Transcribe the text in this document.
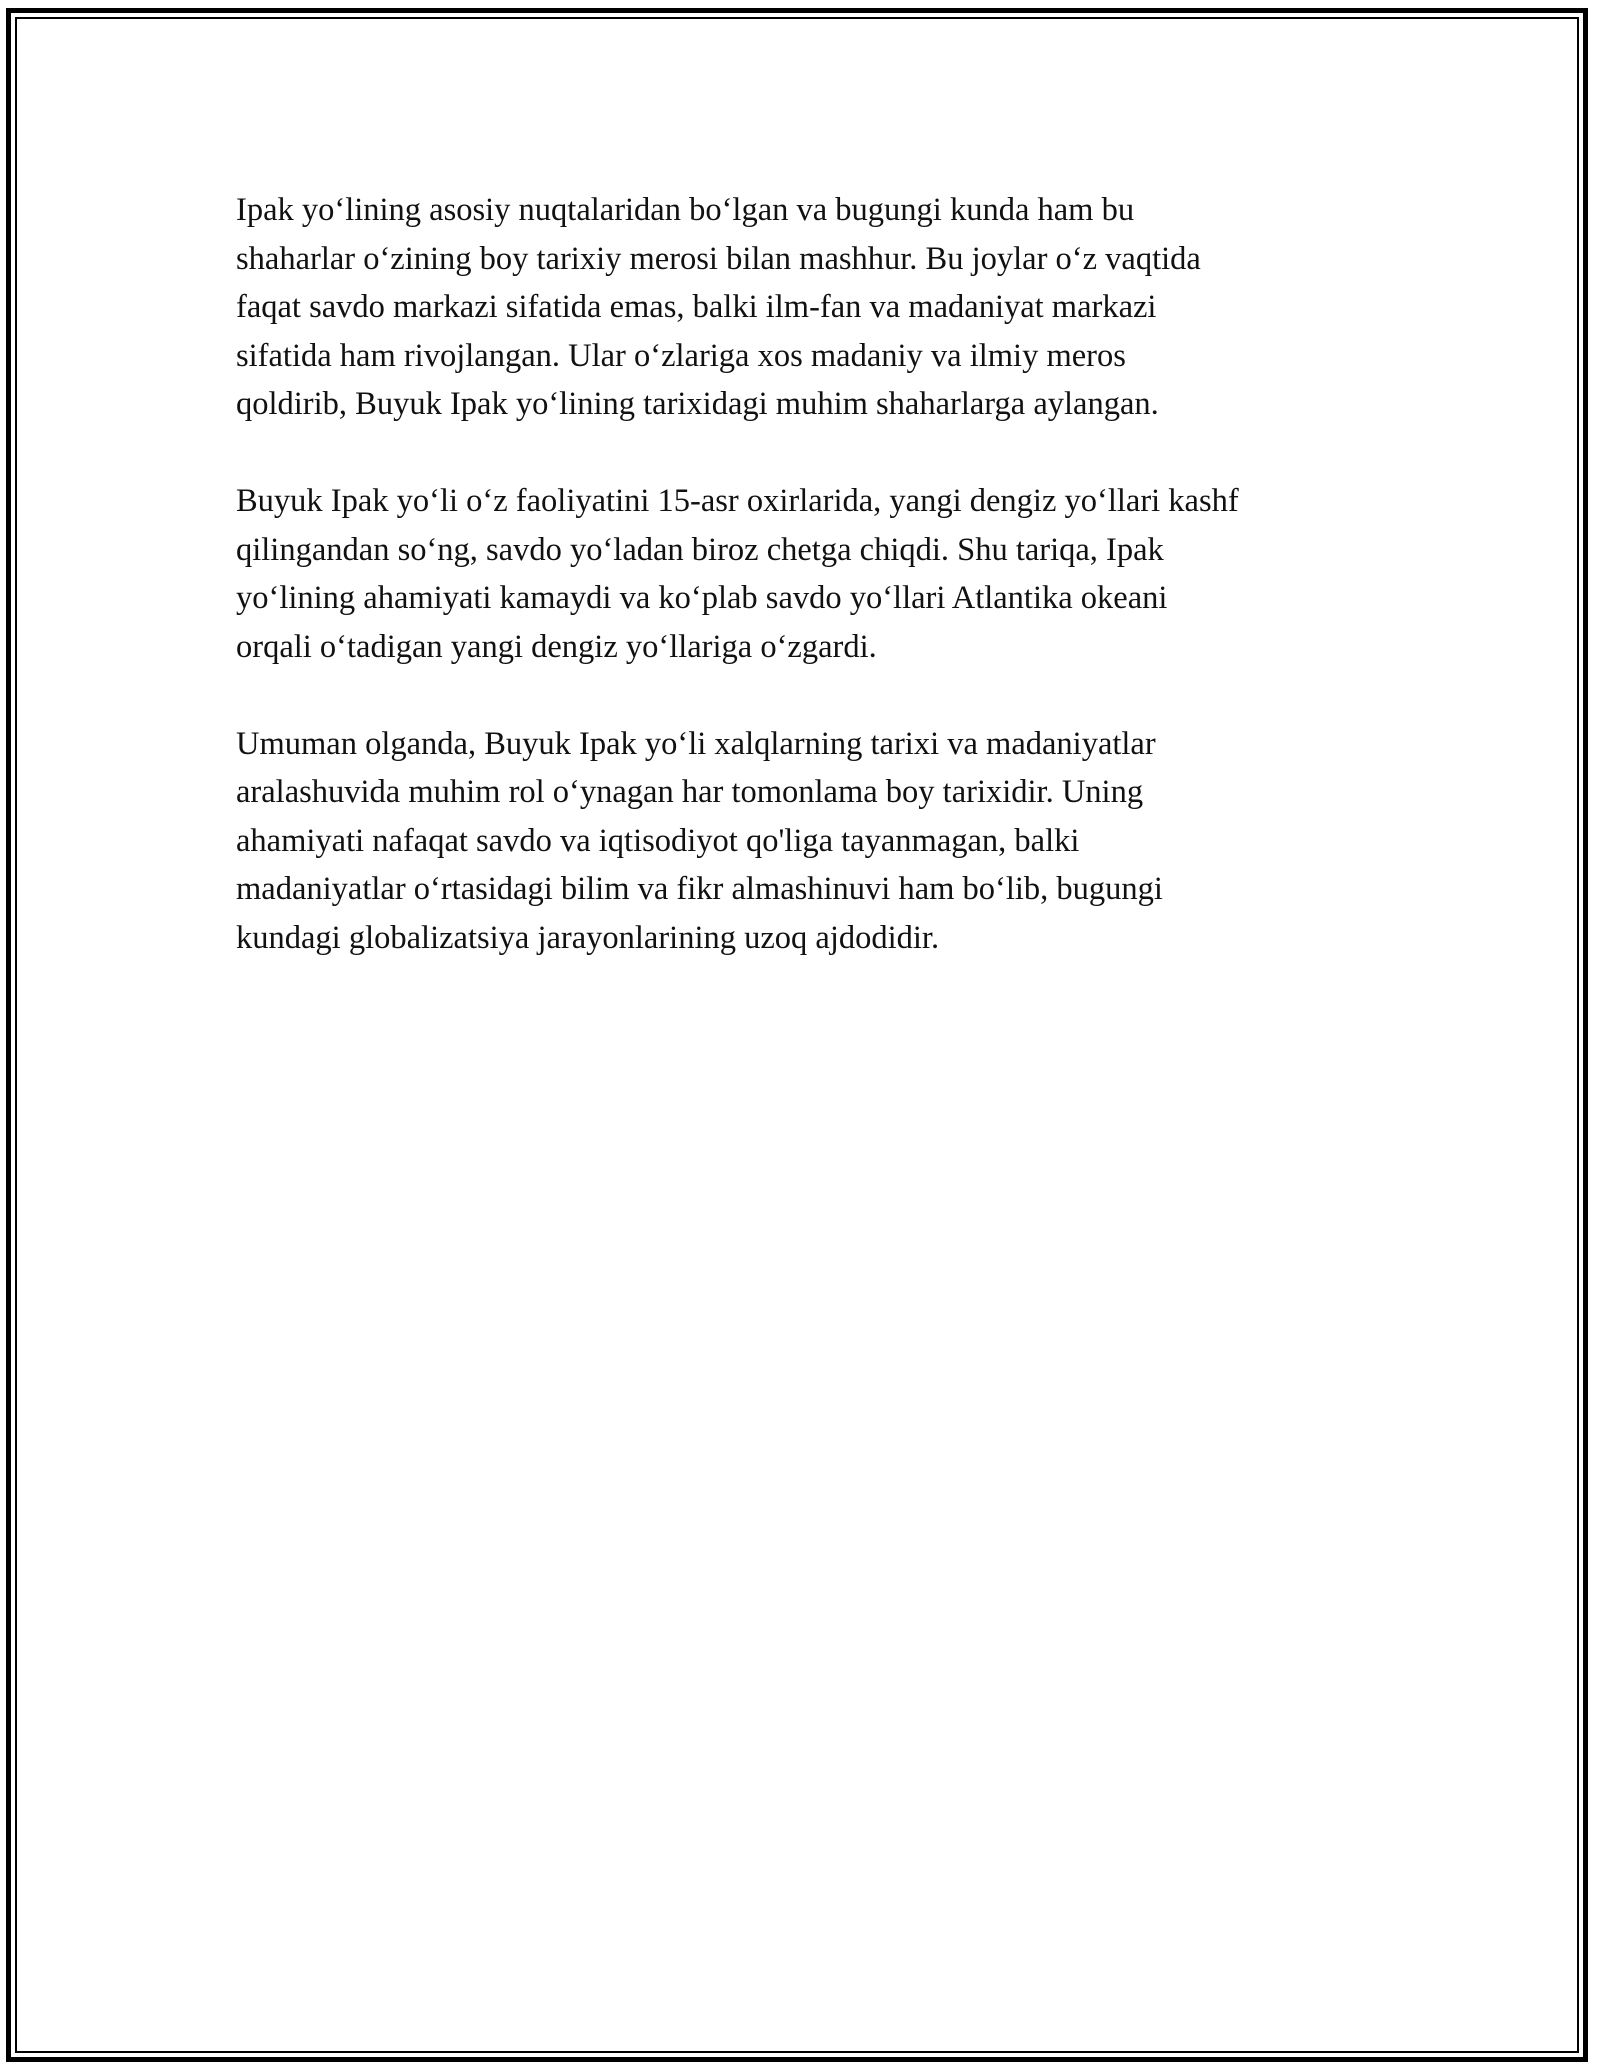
Ipak yo‘lining asosiy nuqtalaridan bo‘lgan va bugungi kunda ham bu
shaharlar o‘zining boy tarixiy merosi bilan mashhur. Bu joylar o‘z vaqtida
faqat savdo markazi sifatida emas, balki ilm-fan va madaniyat markazi
sifatida ham rivojlangan. Ular o‘zlariga xos madaniy va ilmiy meros
qoldirib, Buyuk Ipak yo‘lining tarixidagi muhim shaharlarga aylangan.

Buyuk Ipak yo‘li o‘z faoliyatini 15-asr oxirlarida, yangi dengiz yo‘llari kashf
qilingandan so‘ng, savdo yo‘ladan biroz chetga chiqdi. Shu tariqa, Ipak
yo‘lining ahamiyati kamaydi va ko‘plab savdo yo‘llari Atlantika okeani
orqali o‘tadigan yangi dengiz yo‘llariga o‘zgardi.

Umuman olganda, Buyuk Ipak yo‘li xalqlarning tarixi va madaniyatlar
aralashuvida muhim rol o‘ynagan har tomonlama boy tarixidir. Uning
ahamiyati nafaqat savdo va iqtisodiyot qo'liga tayanmagan, balki
madaniyatlar o‘rtasidagi bilim va fikr almashinuvi ham bo‘lib, bugungi
kundagi globalizatsiya jarayonlarining uzoq ajdodidir.
